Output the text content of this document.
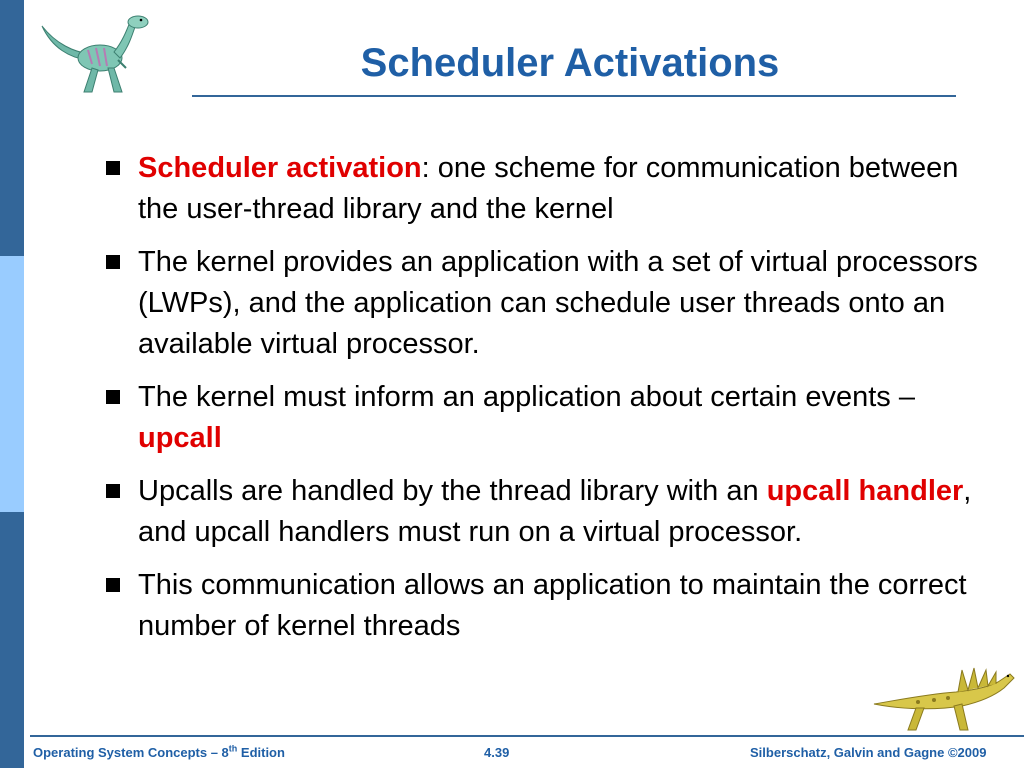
Scheduler Activations
Scheduler activation: one scheme for communication between the user-thread library and the kernel
The kernel provides an application with a set of virtual processors (LWPs), and the application can schedule user threads onto an available virtual processor.
The kernel must inform an application about certain events – upcall
Upcalls are handled by the thread library with an upcall handler, and upcall handlers must run on a virtual processor.
This communication allows an application to maintain the correct number of kernel threads
Operating System Concepts – 8th Edition	4.39	Silberschatz, Galvin and Gagne ©2009
